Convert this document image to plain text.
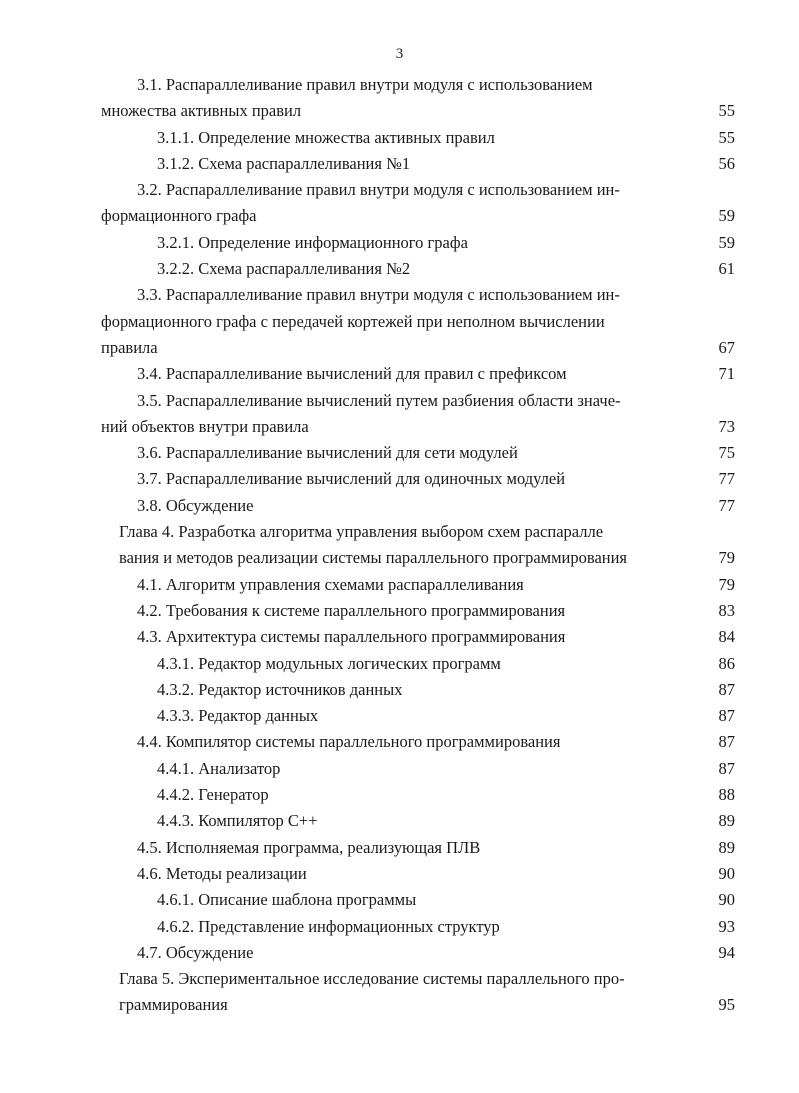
3
3.1. Распараллеливание правил внутри модуля с использованием
множества активных правил	55
3.1.1. Определение множества активных правил	55
3.1.2. Схема распараллеливания №1	56
3.2. Распараллеливание правил внутри модуля с использованием ин-
формационного графа	59
3.2.1. Определение информационного графа	59
3.2.2. Схема распараллеливания №2	61
3.3. Распараллеливание правил внутри модуля с использованием ин-
формационного графа с передачей кортежей при неполном вычислении
правила	67
3.4. Распараллеливание вычислений для правил с префиксом	71
3.5. Распараллеливание вычислений путем разбиения области значе-
ний объектов внутри правила	73
3.6. Распараллеливание вычислений для сети модулей	75
3.7. Распараллеливание вычислений для одиночных модулей	77
3.8. Обсуждение	77
Глава 4. Разработка алгоритма управления выбором схем распаралле
вания и методов реализации системы параллельного программирования	79
4.1. Алгоритм управления схемами распараллеливания	79
4.2. Требования к системе параллельного программирования	83
4.3. Архитектура системы параллельного программирования	84
4.3.1. Редактор модульных логических программ	86
4.3.2. Редактор источников данных	87
4.3.3. Редактор данных	87
4.4. Компилятор системы параллельного программирования	87
4.4.1. Анализатор	87
4.4.2. Генератор	88
4.4.3. Компилятор С++	89
4.5. Исполняемая программа, реализующая ПЛВ	89
4.6. Методы реализации	90
4.6.1. Описание шаблона программы	90
4.6.2. Представление информационных структур	93
4.7. Обсуждение	94
Глава 5. Экспериментальное исследование системы параллельного про-
граммирования	95
